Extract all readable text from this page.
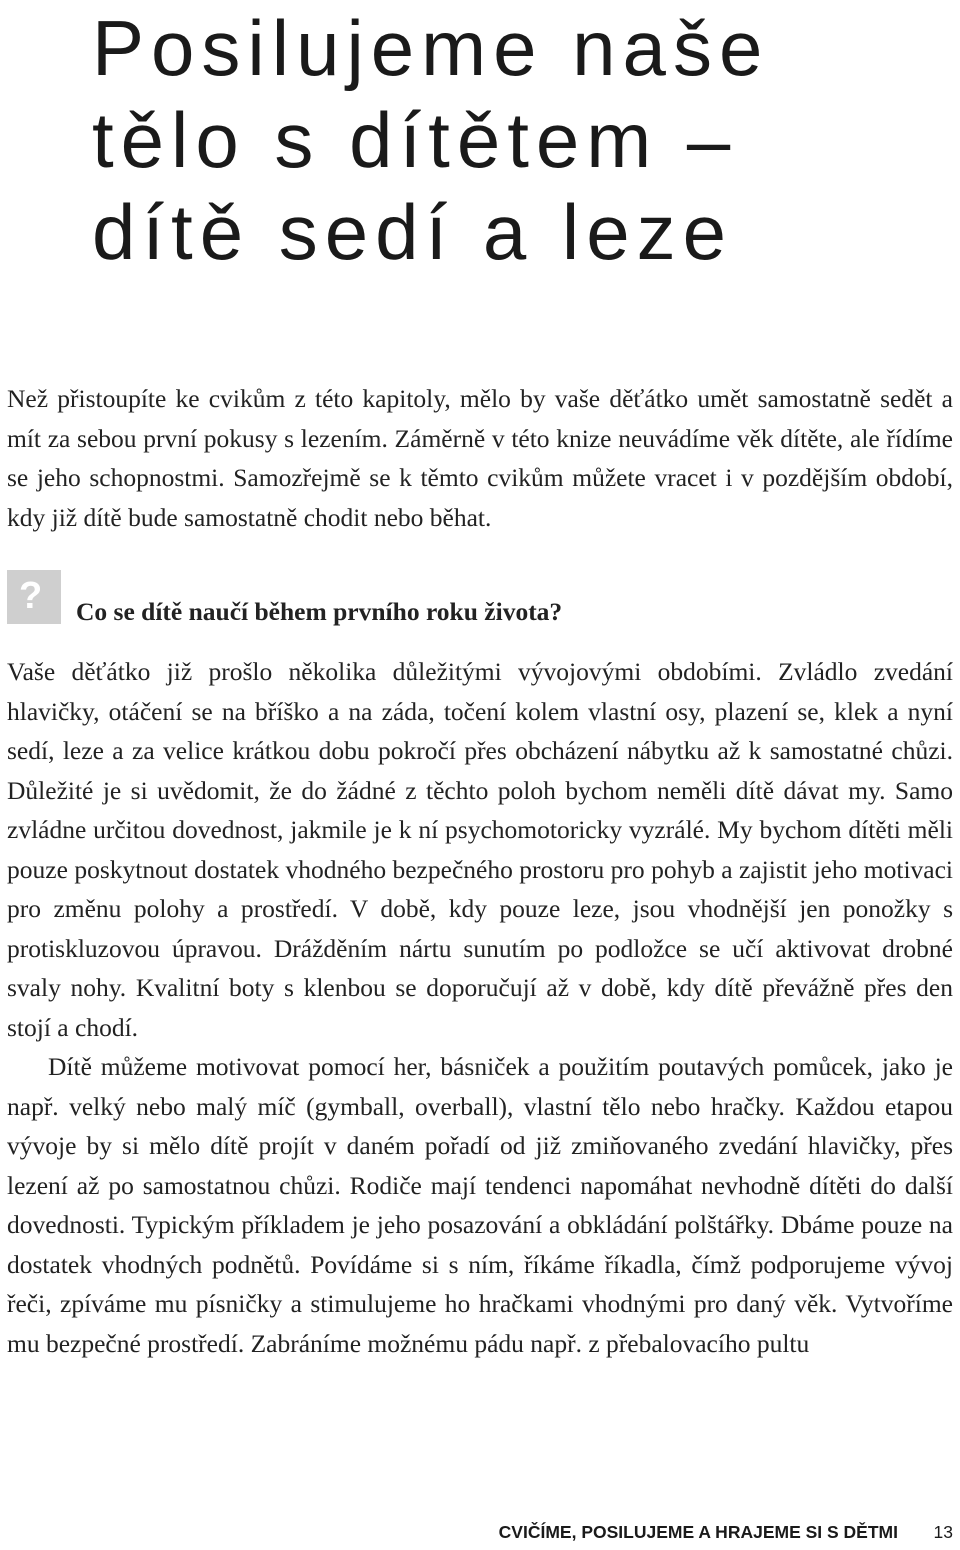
Posilujeme naše
tělo s dítětem –
dítě sedí a leze

Než přistoupíte ke cvikům z této kapitoly, mělo by vaše děťátko umět samostatně sedět a mít za sebou první pokusy s lezením. Záměrně v této knize neuvádíme věk dítěte, ale řídíme se jeho schopnostmi. Samozřejmě se k těmto cvikům můžete vracet i v pozdějším období, kdy již dítě bude samostatně chodit nebo běhat.

? Co se dítě naučí během prvního roku života?

Vaše děťátko již prošlo několika důležitými vývojovými obdobími. Zvládlo zvedání hlavičky, otáčení se na bříško a na záda, točení kolem vlastní osy, plazení se, klek a nyní sedí, leze a za velice krátkou dobu pokročí přes obcházení nábytku až k samostatné chůzi. Důležité je si uvědomit, že do žádné z těchto poloh bychom neměli dítě dávat my. Samo zvládne určitou dovednost, jakmile je k ní psychomotoricky vyzrálé. My bychom dítěti měli pouze poskytnout dostatek vhodného bezpečného prostoru pro pohyb a zajistit jeho motivaci pro změnu polohy a prostředí. V době, kdy pouze leze, jsou vhodnější jen ponožky s protiskluzovou úpravou. Drážděním nártu sunutím po podložce se učí aktivovat drobné svaly nohy. Kvalitní boty s klenbou se doporučují až v době, kdy dítě převážně přes den stojí a chodí.

Dítě můžeme motivovat pomocí her, básniček a použitím poutavých pomůcek, jako je např. velký nebo malý míč (gymball, overball), vlastní tělo nebo hračky. Každou etapou vývoje by si mělo dítě projít v daném pořadí od již zmiňovaného zvedání hlavičky, přes lezení až po samostatnou chůzi. Rodiče mají tendenci napomáhat nevhodně dítěti do další dovednosti. Typickým příkladem je jeho posazování a obkládání polštářky. Dbáme pouze na dostatek vhodných podnětů. Povídáme si s ním, říkáme říkadla, čímž podporujeme vývoj řeči, zpíváme mu písničky a stimulujeme ho hračkami vhodnými pro daný věk. Vytvoříme mu bezpečné prostředí. Zabráníme možnému pádu např. z přebalovacího pultu

CVIČÍME, POSILUJEME A HRAJEME SI S DĚTMI 13
